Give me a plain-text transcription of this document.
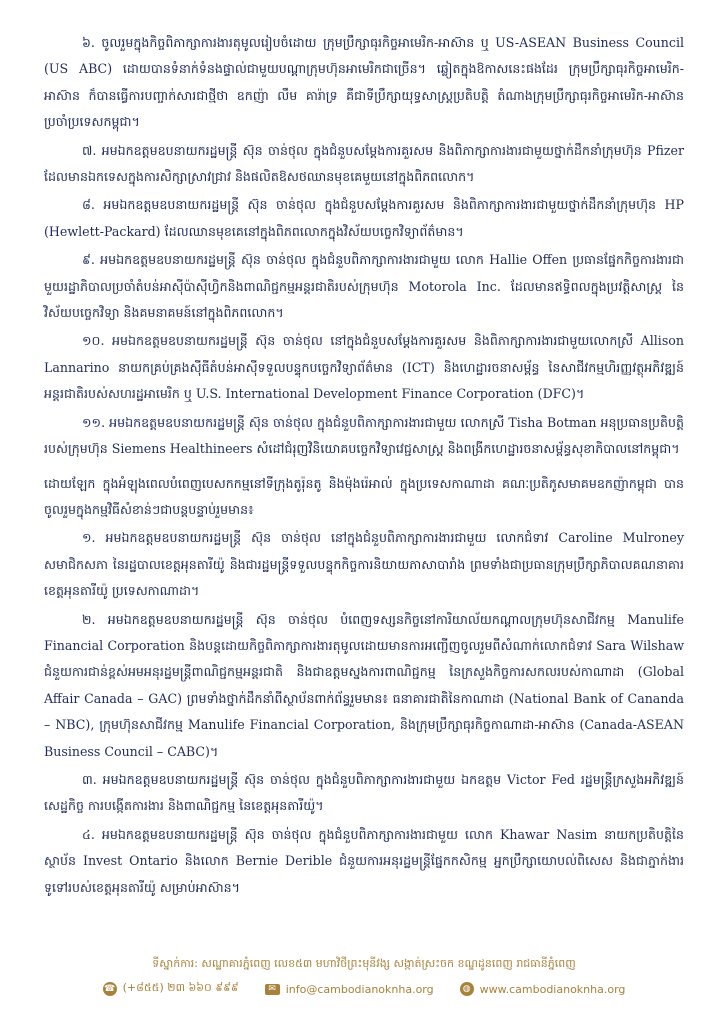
៦. ចូលរួមក្នុងកិច្ចពិភាក្សាការងារតុមូលរៀបចំដោយ ក្រុមប្រឹក្សាធុរកិច្ចអាមេរិក-អាស៊ាន ឬ US-ASEAN Business Council (US ABC) ដោយបានទំនាក់ទំនងផ្ទាល់ជាមួយបណ្តាក្រុមហ៊ុនអាមេរិកជាច្រើន។ ឆ្លៀតក្នុងឱកាសនេះផងដែរ ក្រុមប្រឹក្សាធុរកិច្ចអាមេរិក-អាស៊ាន ក៏បានធ្វើការបញ្ចាក់សារជាថ្មីថា ឧកញ៉ា លឹម គារ៉ាទ្រ គឺជាទីប្រឹក្សាយុទ្ធសាស្ត្រប្រតិបត្តិ តំណាងក្រុមប្រឹក្សាធុរកិច្ចអាមេរិក-អាស៊ាន ប្រចាំប្រទេសកម្ពុជា។

៧. អមឯកឧត្តមឧបនាយករដ្ឋមន្ត្រី ស៊ុន ចាន់ថុល ក្នុងជំនួបសម្តែងការគួរសម និងពិភាក្សាការងារជាមួយថ្នាក់ដឹកនាំក្រុមហ៊ុន Pfizer ដែលមានឯកទេសក្នុងការសិក្សាស្រាវជ្រាវ និងផលិតឱសថឈានមុខគេមួយនៅក្នុងពិភពលោក។

៨. អមឯកឧត្តមឧបនាយករដ្ឋមន្ត្រី ស៊ុន ចាន់ថុល ក្នុងជំនួបសម្តែងការគួរសម និងពិភាក្សាការងារជាមួយថ្នាក់ដឹកនាំក្រុមហ៊ុន HP (Hewlett-Packard) ដែលឈានមុខគេនៅក្នុងពិភពលោកក្នុងវិស័យបច្ចេកវិទ្យាព័ត៌មាន។

៩. អមឯកឧត្តមឧបនាយករដ្ឋមន្ត្រី ស៊ុន ចាន់ថុល ក្នុងជំនួបពិភាក្សាការងារជាមួយ លោក Hallie Offen ប្រធានផ្នែកកិច្ចការងារជាមួយរដ្ឋាភិបាលប្រចាំតំបន់អាស៊ីប៉ាស៊ីហ្វិកនិងពាណិជ្ជកម្មអន្តរជាតិរបស់ក្រុមហ៊ុន Motorola Inc. ដែលមានឥទ្ធិពលក្នុងប្រវត្តិសាស្ត្រ នៃវិស័យបច្ចេកវិទ្យា និងគមនាគមន៍នៅក្នុងពិភពលោក។

១០. អមឯកឧត្តមឧបនាយករដ្ឋមន្ត្រី ស៊ុន ចាន់ថុល នៅក្នុងជំនួបសម្តែងការគួរសម និងពិភាក្សាការងារជាមួយលោកស្រី Allison Lannarino នាយកគ្រប់គ្រងស៊ីធីតំបន់អាស៊ីទទួលបន្ទុកបច្ចេកវិទ្យាព័ត៌មាន (ICT) និងហេដ្ឋារចនាសម្ព័ន្ធ នៃសាជីវកម្មហិរញ្ញវត្ថុអភិវឌ្ឍន៍អន្តរជាតិរបស់សហរដ្ឋអាមេរិក ឬ U.S. International Development Finance Corporation (DFC)។

១១. អមឯកឧត្តមឧបនាយករដ្ឋមន្ត្រី ស៊ុន ចាន់ថុល ក្នុងជំនួបពិភាក្សាការងារជាមួយ លោកស្រី Tisha Botman អនុប្រធានប្រតិបត្តិរបស់ក្រុមហ៊ុន Siemens Healthineers សំដៅជំរុញវិនិយោគបច្ចេកវិទ្យាវេជ្ជសាស្ត្រ និងពង្រីកហេដ្ឋារចនាសម្ព័ន្ធសុខាភិបាលនៅកម្ពុជា។

ដោយឡែក ក្នុងអំឡុងពេលបំពេញបេសកកម្មនៅទីក្រុងតូរ៉ុនតូ និងម៉ុងរ៉េអាល់ ក្នុងប្រទេសកាណាដា គណៈប្រតិភូសមាគមឧកញ៉ាកម្ពុជា បានចូលរួមក្នុងកម្មវិធីសំខាន់ៗជាបន្តបន្ទាប់រួមមាន៖

១. អមឯកឧត្តមឧបនាយករដ្ឋមន្ត្រី ស៊ុន ចាន់ថុល នៅក្នុងជំនួបពិភាក្សាការងារជាមួយ លោកជំទាវ Caroline Mulroney សមាជិកសភា នៃរដ្ឋបាលខេត្តអុនតារីយ៉ូ និងជារដ្ឋមន្ត្រីទទួលបន្ទុកកិច្ចការនិយាយភាសាបារាំង ព្រមទាំងជាប្រធានក្រុមប្រឹក្សាភិបាលគណនាគារខេត្តអុនតារីយ៉ូ ប្រទេសកាណាដា។

២. អមឯកឧត្តមឧបនាយករដ្ឋមន្ត្រី ស៊ុន ចាន់ថុល បំពេញទស្សនកិច្ចនៅការិយាល័យកណ្តាលក្រុមហ៊ុនសាជីវកម្ម Manulife Financial Corporation និងបន្តដោយកិច្ចពិភាក្សាការងារតុមូលដោយមានការអញ្ជើញចូលរួមពីសំណាក់លោកជំទាវ Sara Wilshaw ជំនួយការជាន់ខ្ពស់អមអនុរដ្ឋមន្ត្រីពាណិជ្ជកម្មអន្តរជាតិ និងជាឧត្តមស្នងការពាណិជ្ជកម្ម នៃក្រសួងកិច្ចការសកលរបស់កាណាដា (Global Affair Canada – GAC) ព្រមទាំងថ្នាក់ដឹកនាំពីស្ថាប័នពាក់ព័ន្ធរួមមាន៖ ធនាគារជាតិនៃកាណាដា (National Bank of Cananda – NBC), ក្រុមហ៊ុនសាជីវកម្ម Manulife Financial Corporation, និងក្រុមប្រឹក្សាធុរកិច្ចកាណាដា-អាស៊ាន (Canada-ASEAN Business Council – CABC)។

៣. អមឯកឧត្តមឧបនាយករដ្ឋមន្ត្រី ស៊ុន ចាន់ថុល ក្នុងជំនួបពិភាក្សាការងារជាមួយ ឯកឧត្តម Victor Fed រដ្ឋមន្ត្រីក្រសួងអភិវឌ្ឍន៍សេដ្ឋកិច្ច ការបង្កើតការងារ និងពាណិជ្ជកម្ម នៃខេត្តអុនតារីយ៉ូ។

៤. អមឯកឧត្តមឧបនាយករដ្ឋមន្ត្រី ស៊ុន ចាន់ថុល ក្នុងជំនួបពិភាក្សាការងារជាមួយ លោក Khawar Nasim នាយកប្រតិបត្តិនៃស្ថាប័ន Invest Ontario និងលោក Bernie Derible ជំនួយការអនុរដ្ឋមន្ត្រីផ្នែកកសិកម្ម អ្នកប្រឹក្សាយោបល់ពិសេស និងជាភ្នាក់ងារទូទៅរបស់ខេត្តអុនតារីយ៉ូ សម្រាប់អាស៊ាន។

ទីស្នាក់ការ: សណ្ឋាគារភ្នំពេញ លេខ៥៣ មហាវិថីព្រះមុនីវង្ស សង្កាត់ស្រះចក ខណ្ឌដូនពេញ រាជធានីភ្នំពេញ
☎ (+៨៥៥) ២៣ ៦៦០ ៩៩៩	✉ info@cambodianoknha.org	◍ www.cambodianoknha.org
